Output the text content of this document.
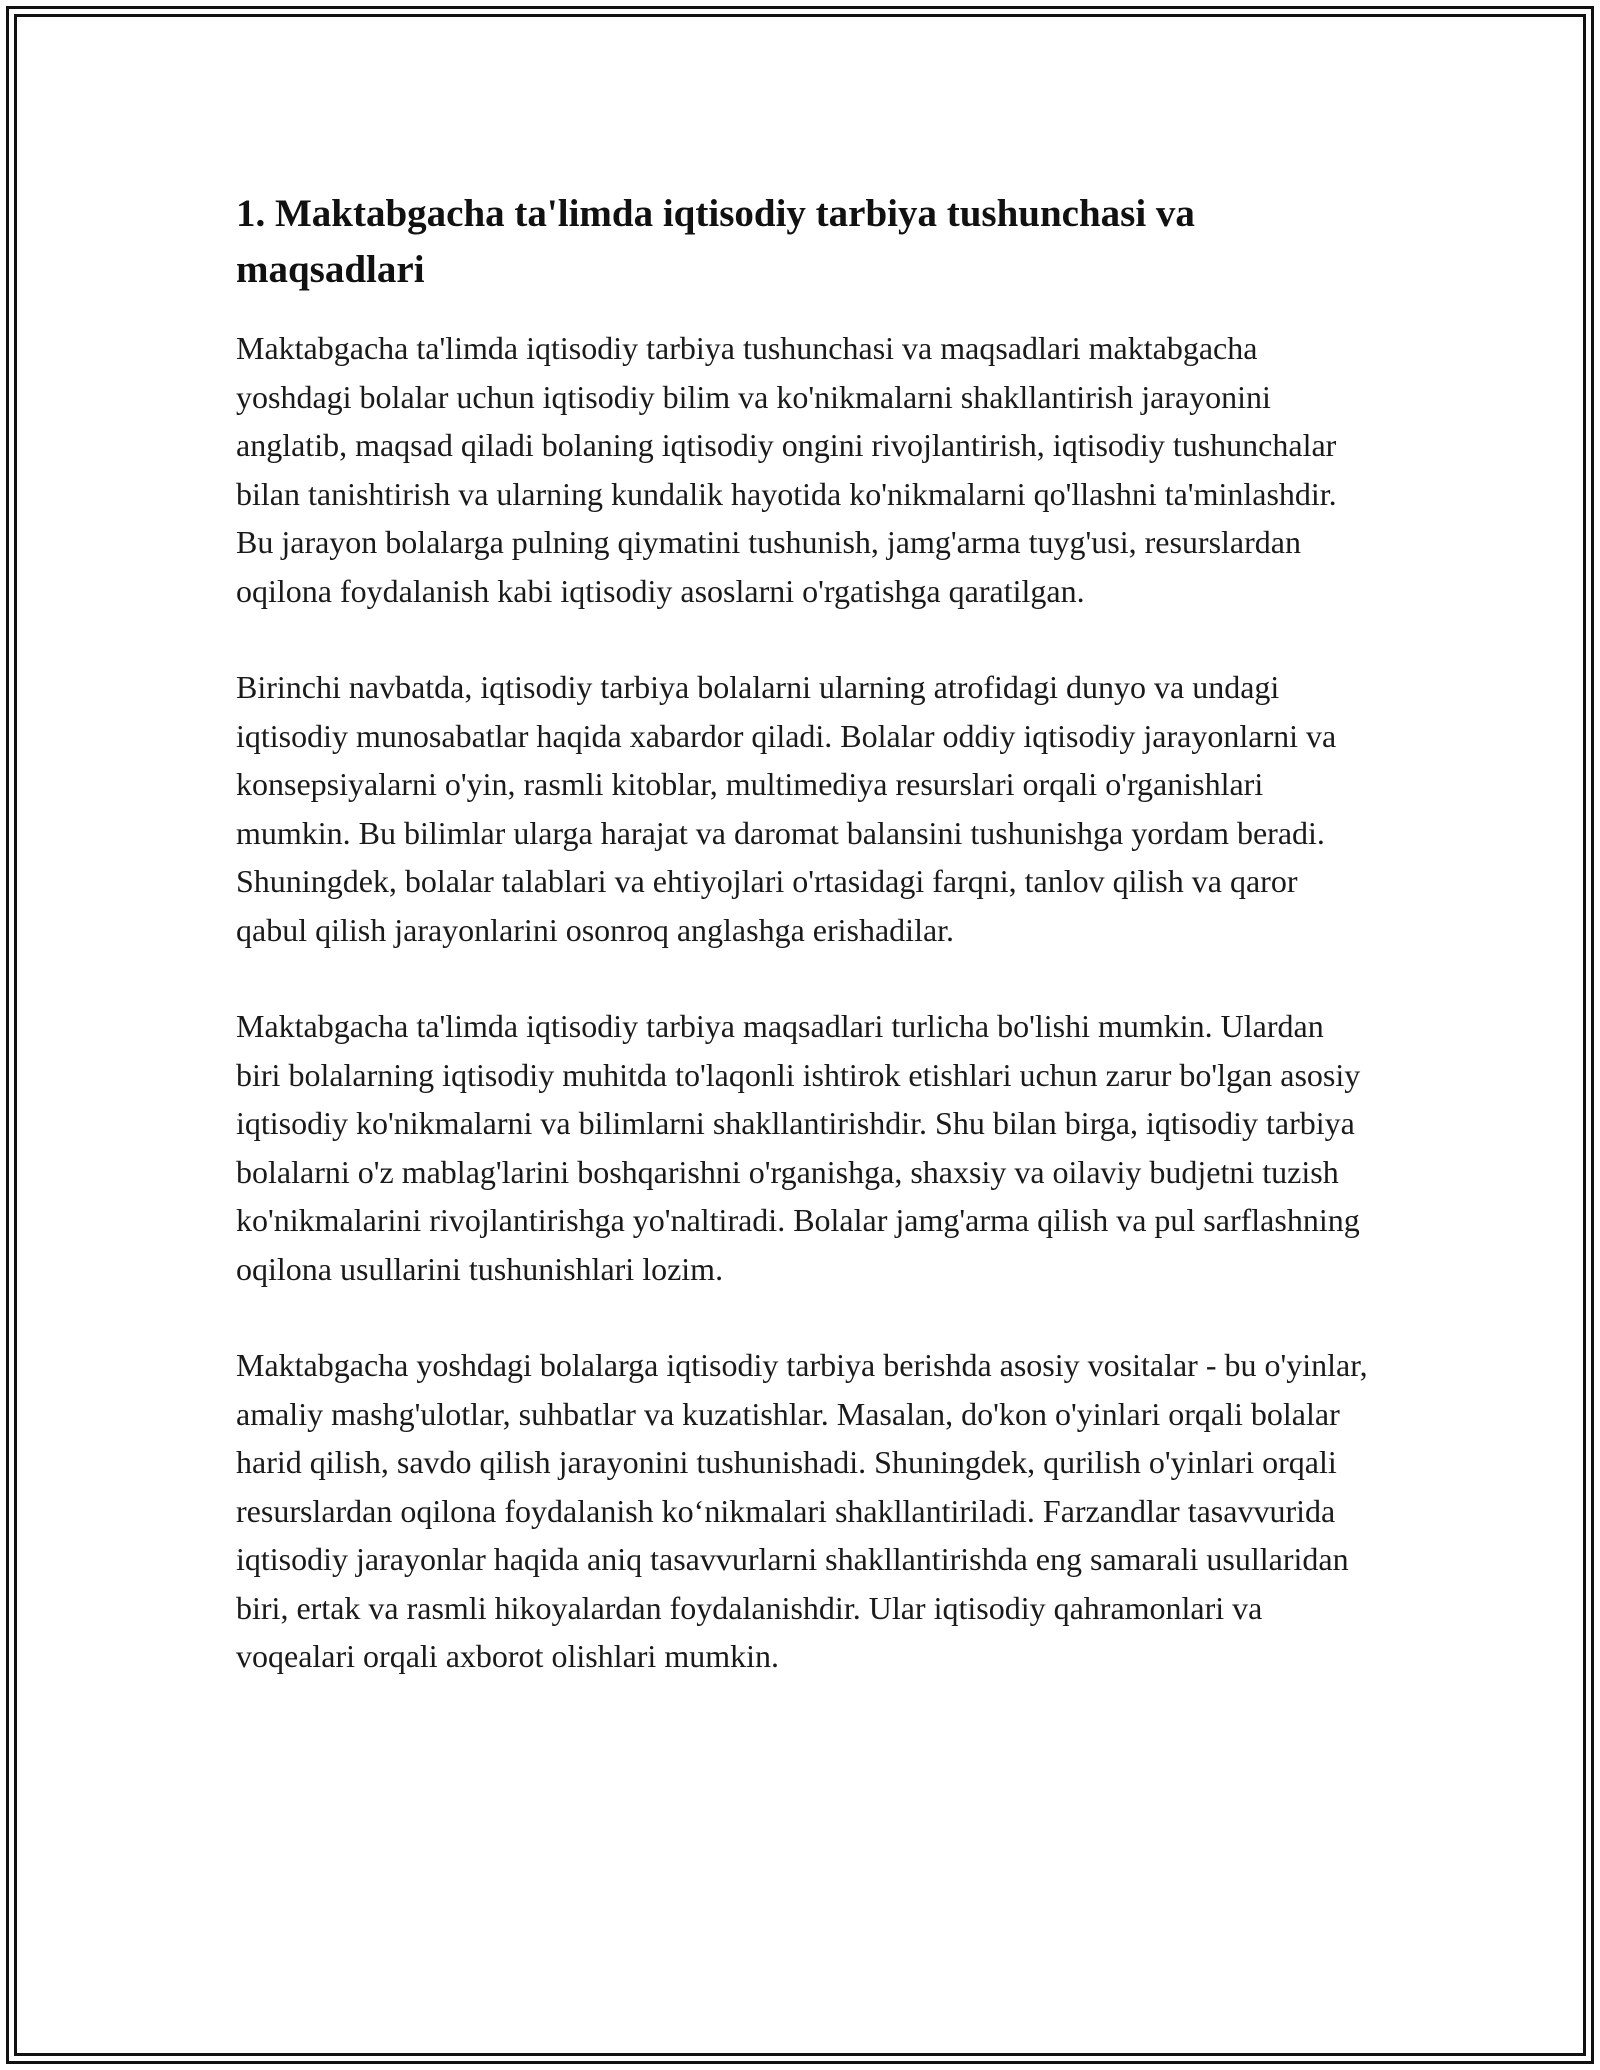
1. Maktabgacha ta'limda iqtisodiy tarbiya tushunchasi va maqsadlari

Maktabgacha ta'limda iqtisodiy tarbiya tushunchasi va maqsadlari maktabgacha yoshdagi bolalar uchun iqtisodiy bilim va ko'nikmalarni shakllantirish jarayonini anglatib, maqsad qiladi bolaning iqtisodiy ongini rivojlantirish, iqtisodiy tushunchalar bilan tanishtirish va ularning kundalik hayotida ko'nikmalarni qo'llashni ta'minlashdir. Bu jarayon bolalarga pulning qiymatini tushunish, jamg'arma tuyg'usi, resurslardan oqilona foydalanish kabi iqtisodiy asoslarni o'rgatishga qaratilgan.

Birinchi navbatda, iqtisodiy tarbiya bolalarni ularning atrofidagi dunyo va undagi iqtisodiy munosabatlar haqida xabardor qiladi. Bolalar oddiy iqtisodiy jarayonlarni va konsepsiyalarni o'yin, rasmli kitoblar, multimediya resurslari orqali o'rganishlari mumkin. Bu bilimlar ularga harajat va daromat balansini tushunishga yordam beradi. Shuningdek, bolalar talablari va ehtiyojlari o'rtasidagi farqni, tanlov qilish va qaror qabul qilish jarayonlarini osonroq anglashga erishadilar.

Maktabgacha ta'limda iqtisodiy tarbiya maqsadlari turlicha bo'lishi mumkin. Ulardan biri bolalarning iqtisodiy muhitda to'laqonli ishtirok etishlari uchun zarur bo'lgan asosiy iqtisodiy ko'nikmalarni va bilimlarni shakllantirishdir. Shu bilan birga, iqtisodiy tarbiya bolalarni o'z mablag'larini boshqarishni o'rganishga, shaxsiy va oilaviy budjetni tuzish ko'nikmalarini rivojlantirishga yo'naltiradi. Bolalar jamg'arma qilish va pul sarflashning oqilona usullarini tushunishlari lozim.

Maktabgacha yoshdagi bolalarga iqtisodiy tarbiya berishda asosiy vositalar - bu o'yinlar, amaliy mashg'ulotlar, suhbatlar va kuzatishlar. Masalan, do'kon o'yinlari orqali bolalar harid qilish, savdo qilish jarayonini tushunishadi. Shuningdek, qurilish o'yinlari orqali resurslardan oqilona foydalanish ko‘nikmalari shakllantiriladi. Farzandlar tasavvurida iqtisodiy jarayonlar haqida aniq tasavvurlarni shakllantirishda eng samarali usullaridan biri, ertak va rasmli hikoyalardan foydalanishdir. Ular iqtisodiy qahramonlari va voqealari orqali axborot olishlari mumkin.
